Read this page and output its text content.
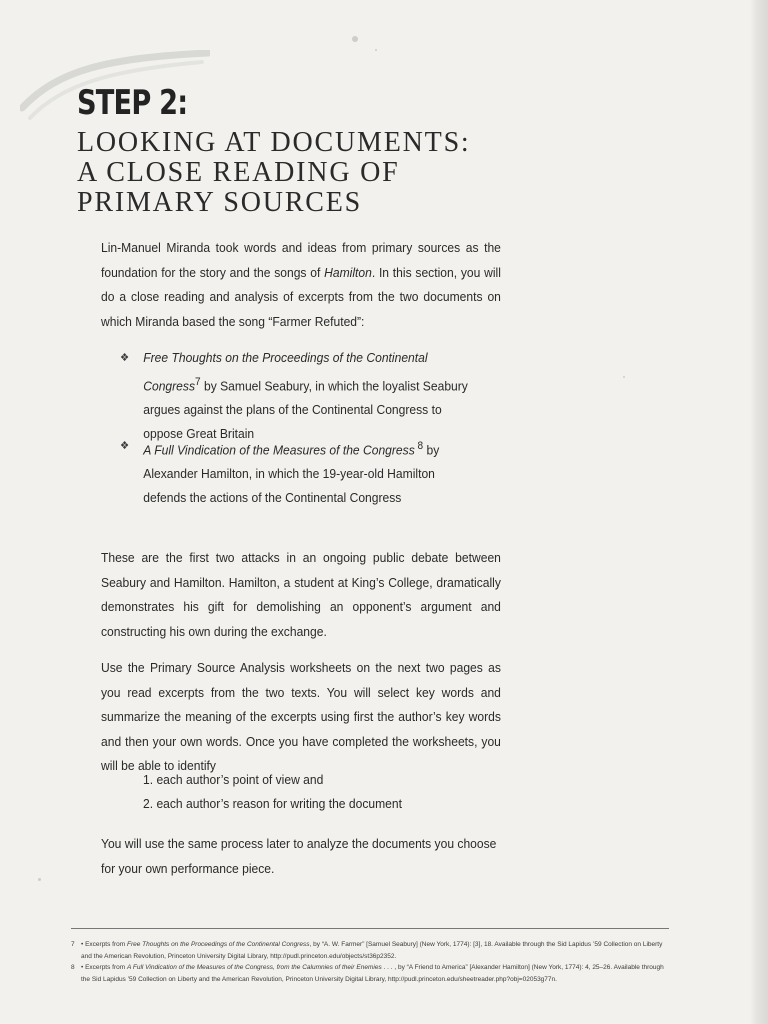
STEP 2:
LOOKING AT DOCUMENTS:
A CLOSE READING OF
PRIMARY SOURCES

Lin-Manuel Miranda took words and ideas from primary sources as the foundation for the story and the songs of Hamilton. In this section, you will do a close reading and analysis of excerpts from the two documents on which Miranda based the song “Farmer Refuted”:

❖	Free Thoughts on the Proceedings of the Continental Congress$^7$ by Samuel Seabury, in which the loyalist Seabury argues against the plans of the Continental Congress to oppose Great Britain
❖	A Full Vindication of the Measures of the Congress $^8$ by Alexander Hamilton, in which the 19-year-old Hamilton defends the actions of the Continental Congress

These are the first two attacks in an ongoing public debate between Seabury and Hamilton. Hamilton, a student at King’s College, dramatically demonstrates his gift for demolishing an opponent’s argument and constructing his own during the exchange.

Use the Primary Source Analysis worksheets on the next two pages as you read excerpts from the two texts. You will select key words and summarize the meaning of the excerpts using first the author’s key words and then your own words. Once you have completed the worksheets, you will be able to identify

1. each author’s point of view and
2. each author’s reason for writing the document

You will use the same process later to analyze the documents you choose for your own performance piece.

7 • Excerpts from Free Thoughts on the Proceedings of the Continental Congress, by “A. W. Farmer” [Samuel Seabury] (New York, 1774): [3], 18. Available through the Sid Lapidus ’59 Collection on Liberty and the American Revolution, Princeton University Digital Library, http://pudl.princeton.edu/objects/st36p2352.
8 • Excerpts from A Full Vindication of the Measures of the Congress, from the Calumnies of their Enemies . . . , by “A Friend to America” [Alexander Hamilton] (New York, 1774): 4, 25–26. Available through the Sid Lapidus ’59 Collection on Liberty and the American Revolution, Princeton University Digital Library, http://pudl.princeton.edu/sheetreader.php?obj=02053g77n.
